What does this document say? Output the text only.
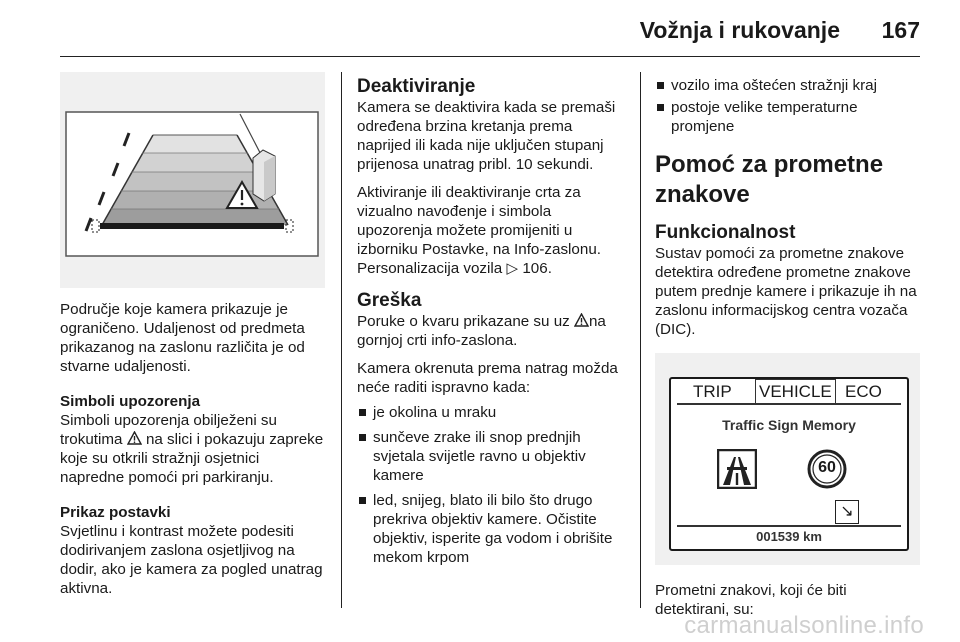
Vožnja i rukovanje 167

Područje koje kamera prikazuje je ograničeno. Udaljenost od predmeta prikazanog na zaslonu različita je od stvarne udaljenosti.

Simboli upozorenja

Simboli upozorenja obilježeni su trokutima na slici i pokazuju zapreke koje su otkrili stražnji osjetnici napredne pomoći pri parkiranju.

Prikaz postavki

Svjetlinu i kontrast možete podesiti dodirivanjem zaslona osjetljivog na dodir, ako je kamera za pogled unatrag aktivna.

Deaktiviranje

Kamera se deaktivira kada se premaši određena brzina kretanja prema naprijed ili kada nije uključen stupanj prijenosa unatrag pribl. 10 sekundi.

Aktiviranje ili deaktiviranje crta za vizualno navođenje i simbola upozorenja možete promijeniti u izborniku Postavke, na Info-zaslonu. Personalizacija vozila ▷ 106.

Greška

Poruke o kvaru prikazane su uz na gornjoj crti info-zaslona.

Kamera okrenuta prema natrag možda neće raditi ispravno kada:

je okolina u mraku
sunčeve zrake ili snop prednjih svjetala svijetle ravno u objektiv kamere
led, snijeg, blato ili bilo što drugo prekriva objektiv kamere. Očistite objektiv, isperite ga vodom i obrišite mekom krpom
vozilo ima oštećen stražnji kraj
postoje velike temperaturne promjene
Pomoć za prometne znakove
Funkcionalnost

Sustav pomoći za prometne znakove detektira određene prometne znakove putem prednje kamere i prikazuje ih na zaslonu informacijskog centra vozača (DIC).

TRIP VEHICLE ECO
Traffic Sign Memory
60
↘
001539 km

Prometni znakovi, koji će biti detektirani, su:

carmanualsonline.info
